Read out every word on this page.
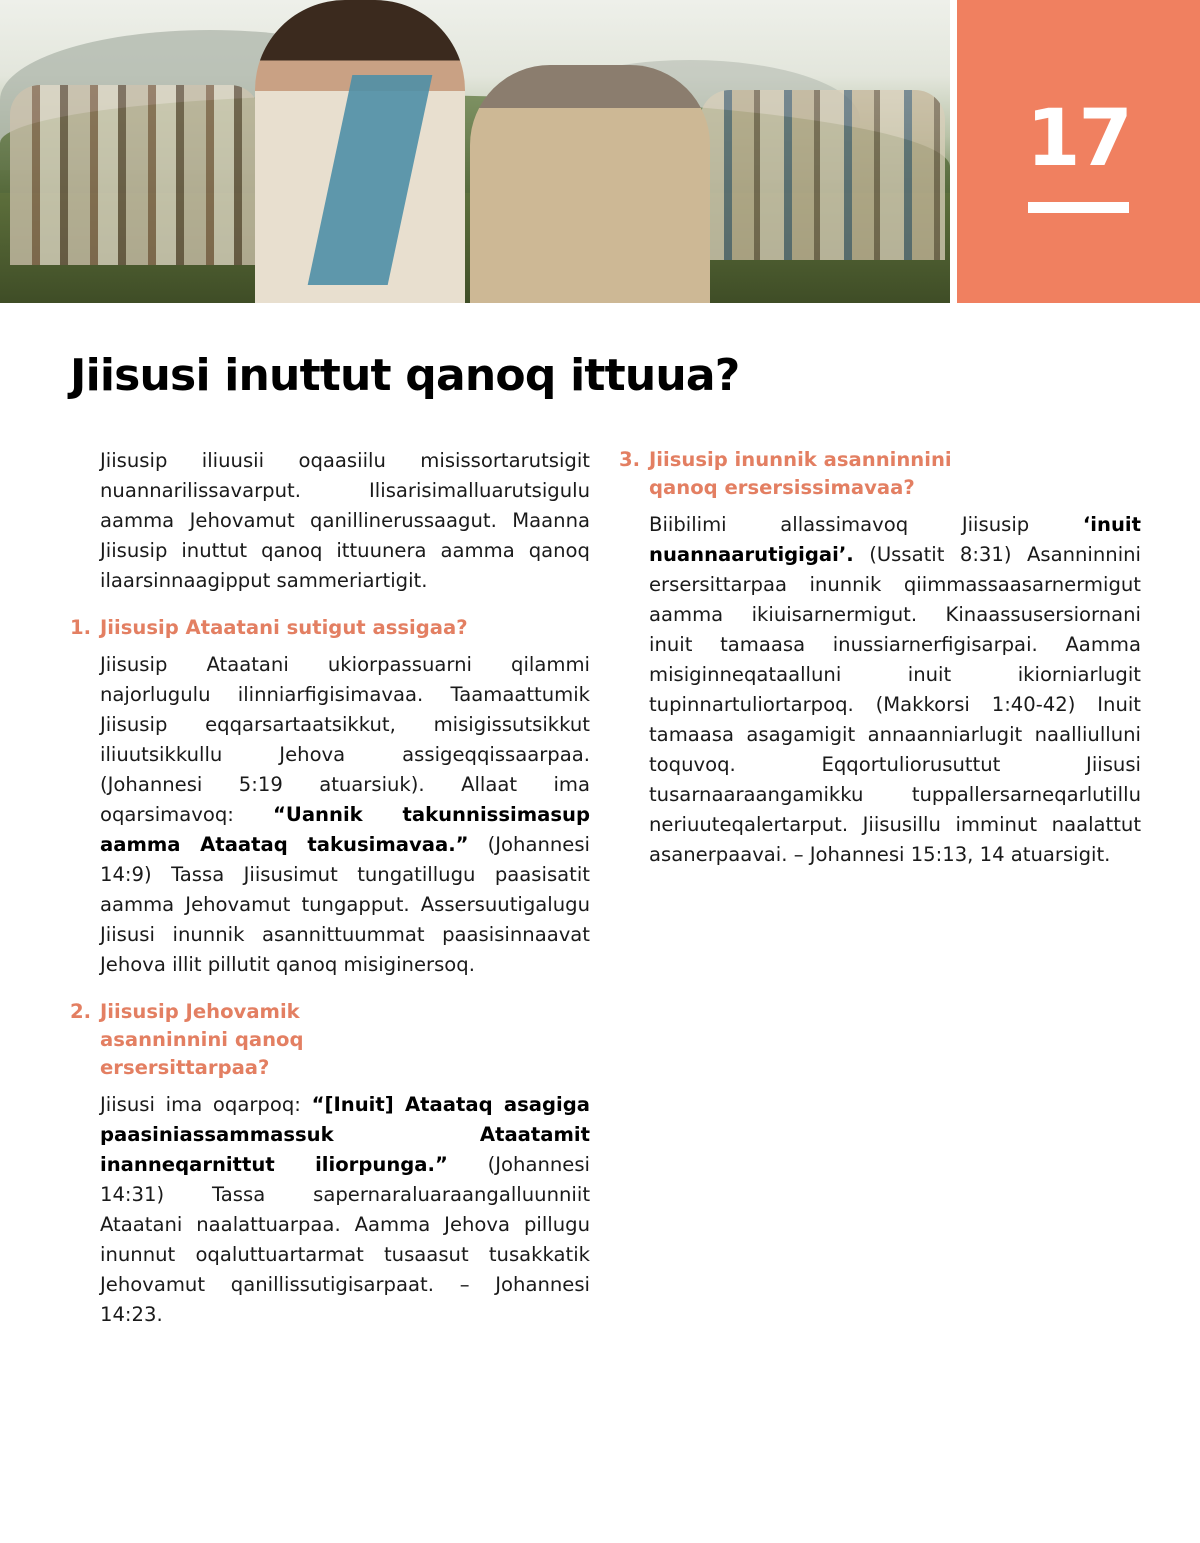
17
Jiisusi inuttut qanoq ittuua?

Jiisusip iliuusii oqaasiilu misissortarutsigit nuannarilissavarput. Ilisarisimalluarutsigulu aamma Jehovamut qanillinerussaagut. Maanna Jiisusip inuttut qanoq ittuunera aamma qanoq ilaarsinnaagipput sammeriartigit.

1. Jiisusip Ataatani sutigut assigaa?

Jiisusip Ataatani ukiorpassuarni qilammi najorlugulu ilinniarfigisimavaa. Taamaattumik Jiisusip eqqarsartaatsikkut, misigissutsikkut iliuutsikkullu Jehova assigeqqissaarpaa. (Johannesi 5:19 atuarsiuk). Allaat ima oqarsimavoq: “Uannik takunnissimasup aamma Ataataq takusimavaa.” (Johannesi 14:9) Tassa Jiisusimut tungatillugu paasisatit aamma Jehovamut tungapput. Assersuutigalugu Jiisusi inunnik asannittuummat paasisinnaavat Jehova illit pillutit qanoq misiginersoq.

2. Jiisusip Jehovamik asanninnini qanoq ersersittarpaa?

Jiisusi ima oqarpoq: “[Inuit] Ataataq asagiga paasiniassammassuk Ataatamit inanneqarnittut iliorpunga.” (Johannesi 14:31) Tassa sapernaraluaraangalluunniit Ataatani naalattuarpaa. Aamma Jehova pillugu inunnut oqaluttuartarmat tusaasut tusakkatik Jehovamut qanillissutigisarpaat. – Johannesi 14:23.

3. Jiisusip inunnik asanninnini qanoq ersersissimavaa?

Biibilimi allassimavoq Jiisusip ‘inuit nuannaarutigigai’. (Ussatit 8:31) Asanninnini ersersittarpaa inunnik qiimmassaasarnermigut aamma ikiuisarnermigut. Kinaassusersiornani inuit tamaasa inussiarnerfigisarpai. Aamma misiginneqataalluni inuit ikiorniarlugit tupinnartuliortarpoq. (Makkorsi 1:40-42) Inuit tamaasa asagamigit annaanniarlugit naalliulluni toquvoq. Eqqortuliorusuttut Jiisusi tusarnaaraangamikku tuppallersarneqarlutillu neriuuteqalertarput. Jiisusillu imminut naalattut asanerpaavai. – Johannesi 15:13, 14 atuarsigit.
